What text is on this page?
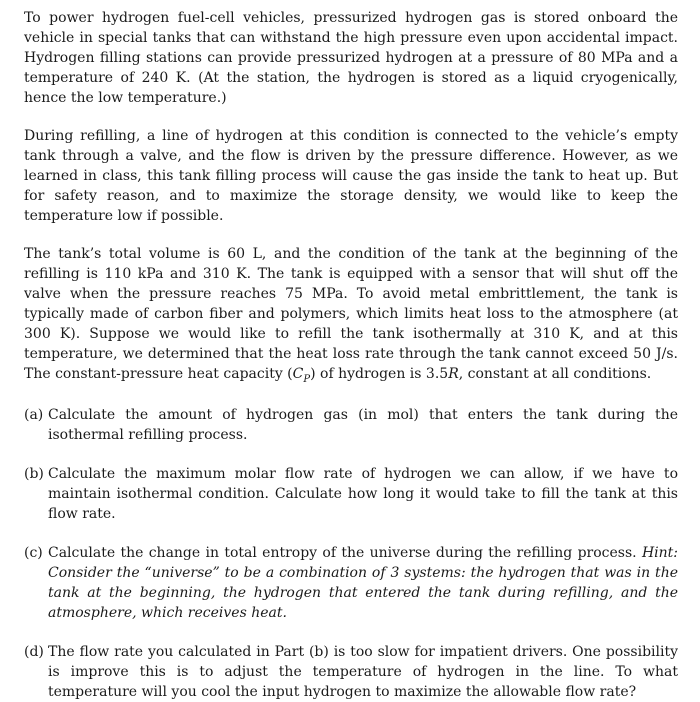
To power hydrogen fuel-cell vehicles, pressurized hydrogen gas is stored onboard the vehicle in special tanks that can withstand the high pressure even upon accidental impact. Hydrogen filling stations can provide pressurized hydrogen at a pressure of 80 MPa and a temperature of 240 K. (At the station, the hydrogen is stored as a liquid cryogenically, hence the low temperature.)

During refilling, a line of hydrogen at this condition is connected to the vehicle’s empty tank through a valve, and the flow is driven by the pressure difference. However, as we learned in class, this tank filling process will cause the gas inside the tank to heat up. But for safety reason, and to maximize the storage density, we would like to keep the temperature low if possible.

The tank’s total volume is 60 L, and the condition of the tank at the beginning of the refilling is 110 kPa and 310 K. The tank is equipped with a sensor that will shut off the valve when the pressure reaches 75 MPa. To avoid metal embrittlement, the tank is typically made of carbon fiber and polymers, which limits heat loss to the atmosphere (at 300 K). Suppose we would like to refill the tank isothermally at 310 K, and at this temperature, we determined that the heat loss rate through the tank cannot exceed 50 J/s. The constant-pressure heat capacity $(C_P)$ of hydrogen is 3.5R, constant at all conditions.

(a) Calculate the amount of hydrogen gas (in mol) that enters the tank during the isothermal refilling process.
(b) Calculate the maximum molar flow rate of hydrogen we can allow, if we have to maintain isothermal condition. Calculate how long it would take to fill the tank at this flow rate.
(c) Calculate the change in total entropy of the universe during the refilling process. Hint: Consider the “universe” to be a combination of 3 systems: the hydrogen that was in the tank at the beginning, the hydrogen that entered the tank during refilling, and the atmosphere, which receives heat.
(d) The flow rate you calculated in Part (b) is too slow for impatient drivers. One possibility is improve this is to adjust the temperature of hydrogen in the line. To what temperature will you cool the input hydrogen to maximize the allowable flow rate?
